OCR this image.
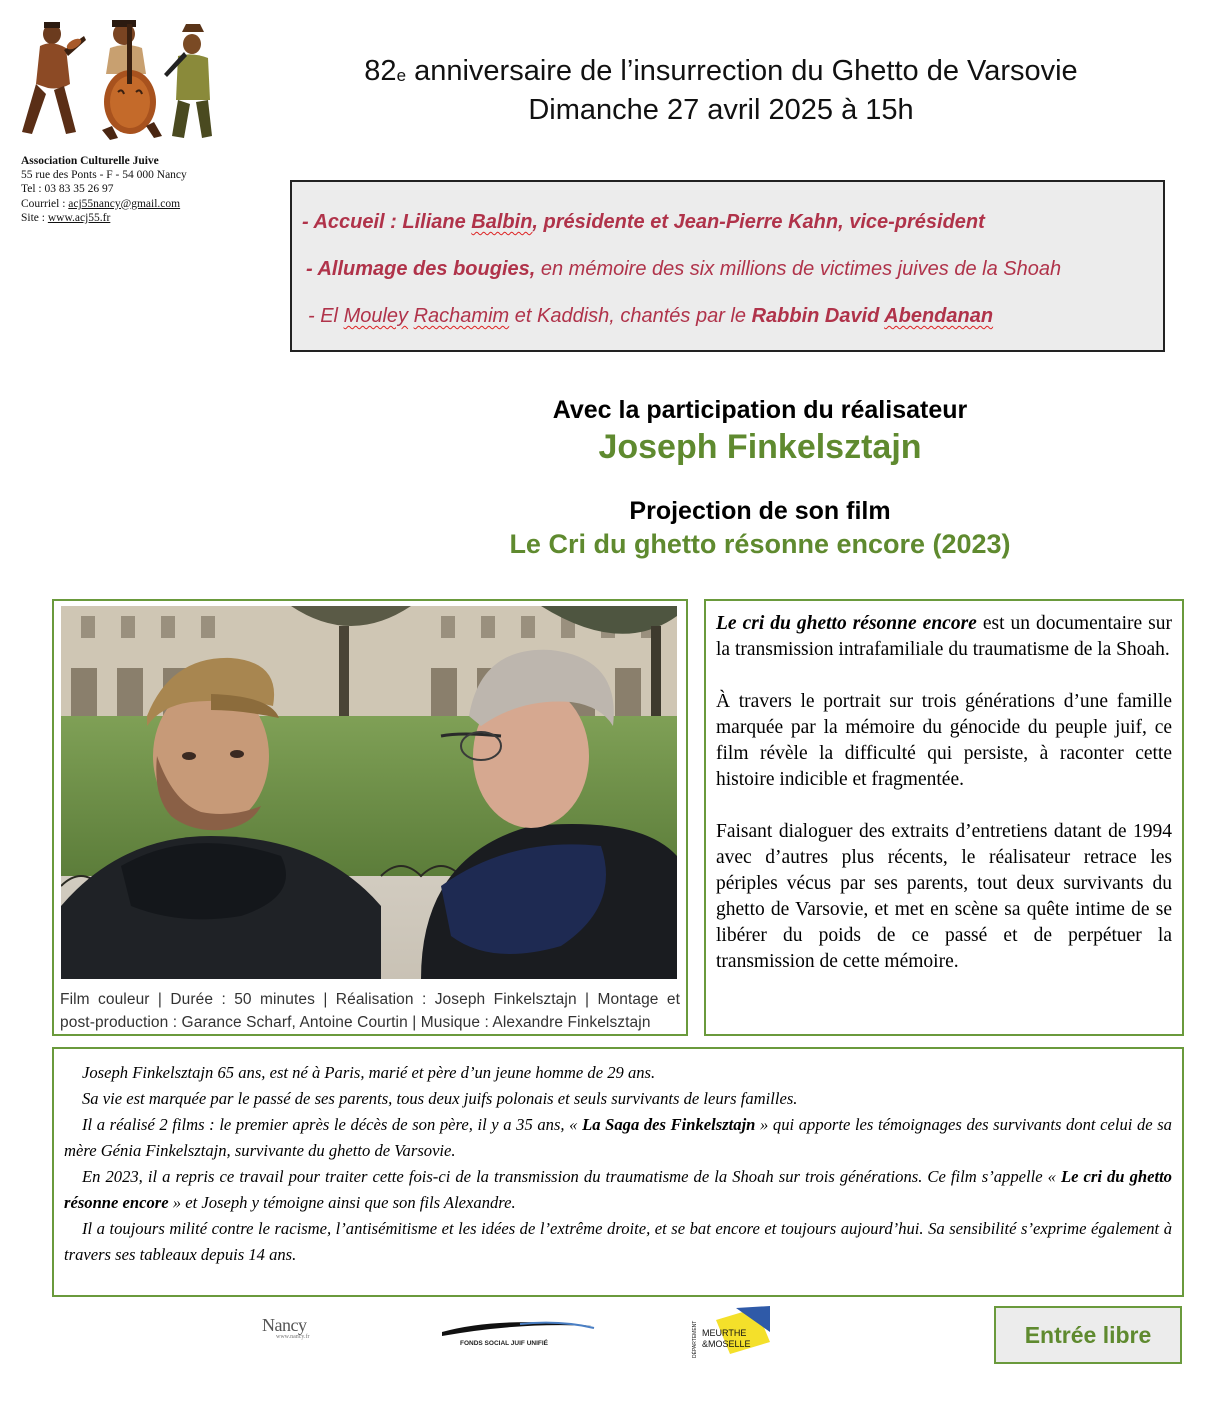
Association Culturelle Juive
55 rue des Ponts - F - 54 000 Nancy
Tel : 03 83 35 26 97
Courriel : acj55nancy@gmail.com
Site : www.acj55.fr
82e anniversaire de l’insurrection du Ghetto de Varsovie
Dimanche 27 avril 2025 à 15h
- Accueil : Liliane Balbin, présidente et Jean-Pierre Kahn, vice-président
- Allumage des bougies, en mémoire des six millions de victimes juives de la Shoah
- El Mouley Rachamim et Kaddish, chantés par le Rabbin David Abendanan
Avec la participation du réalisateur
Joseph Finkelsztajn
Projection de son film
Le Cri du ghetto résonne encore (2023)
Film couleur | Durée : 50 minutes | Réalisation : Joseph Finkelsztajn | Montage et
post-production : Garance Scharf, Antoine Courtin | Musique : Alexandre Finkelsztajn

Le cri du ghetto résonne encore est un documentaire sur la transmission intrafamiliale du traumatisme de la Shoah.

À travers le portrait sur trois générations d’une famille marquée par la mémoire du génocide du peuple juif, ce film révèle la difficulté qui persiste, à raconter cette histoire indicible et fragmentée.

Faisant dialoguer des extraits d’entretiens datant de 1994 avec d’autres plus récents, le réalisateur retrace les périples vécus par ses parents, tout deux survivants du ghetto de Varsovie, et met en scène sa quête intime de se libérer du poids de ce passé et de perpétuer la transmission de cette mémoire.

Joseph Finkelsztajn 65 ans, est né à Paris, marié et père d’un jeune homme de 29 ans.

Sa vie est marquée par le passé de ses parents, tous deux juifs polonais et seuls survivants de leurs familles.

Il a réalisé 2 films : le premier après le décès de son père, il y a 35 ans, « La Saga des Finkelsztajn » qui apporte les témoignages des survivants dont celui de sa mère Génia Finkelsztajn, survivante du ghetto de Varsovie.

En 2023, il a repris ce travail pour traiter cette fois-ci de la transmission du traumatisme de la Shoah sur trois générations. Ce film s’appelle « Le cri du ghetto résonne encore » et Joseph y témoigne ainsi que son fils Alexandre.

Il a toujours milité contre le racisme, l’antisémitisme et les idées de l’extrême droite, et se bat encore et toujours aujourd’hui. Sa sensibilité s’exprime également à travers ses tableaux depuis 14 ans.

Nancy
www.nancy.fr
FONDS SOCIAL JUIF UNIFIÉ	DÉPARTEMENT MEURTHE
&MOSELLE	Entrée libre
